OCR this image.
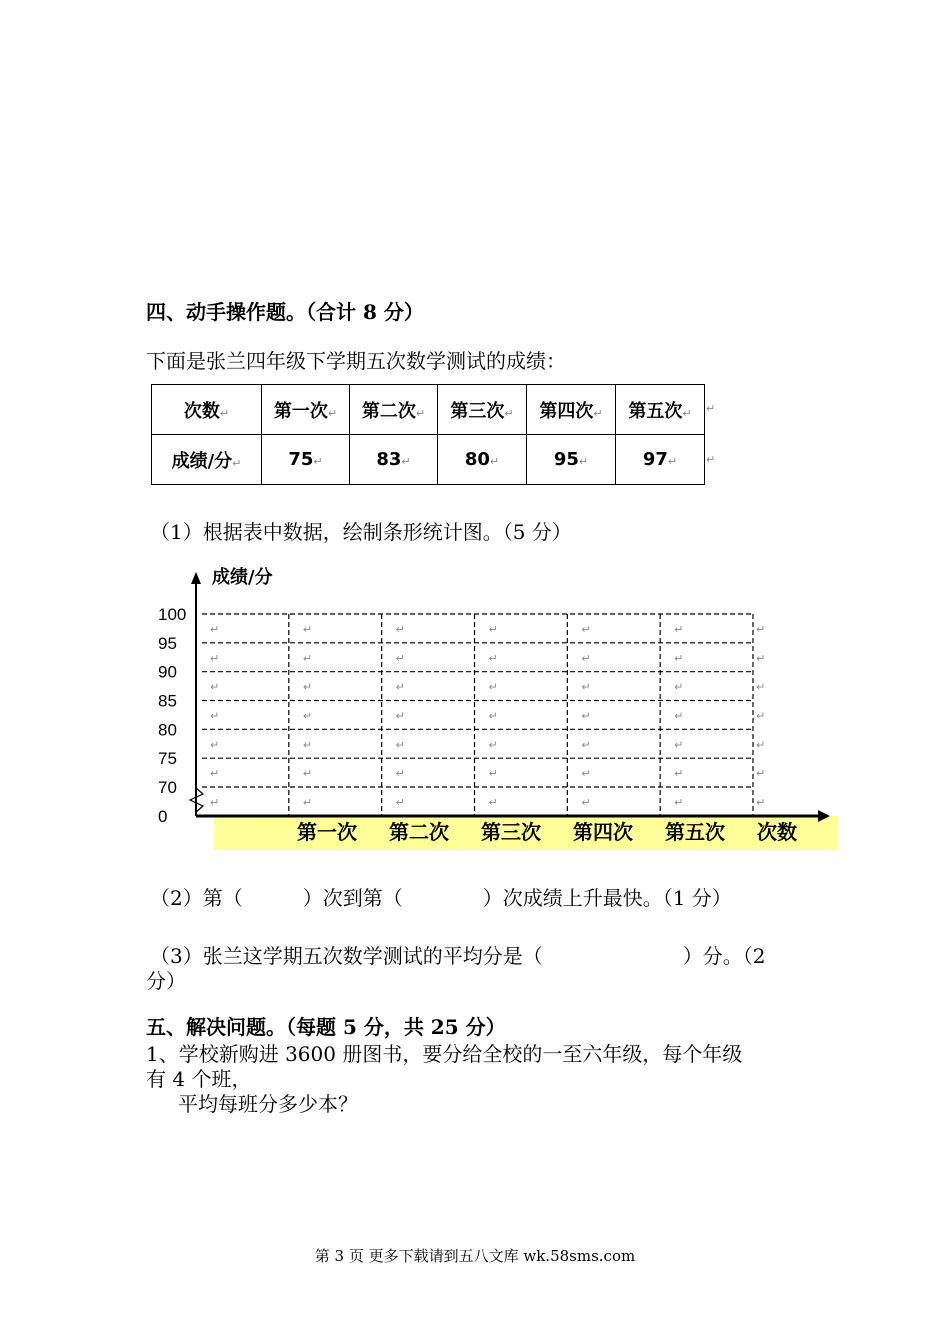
四、动手操作题。（合计 8 分）
下面是张兰四年级下学期五次数学测试的成绩：
次数↵	第一次↵	第二次↵	第三次↵	第四次↵	第五次↵
成绩/分↵	75↵	83↵	80↵	95↵	97↵
↵
↵
（1）根据表中数据，绘制条形统计图。（5 分）
成绩/分
100
95
90
85
80
75
70
0
第一次 第二次 第三次 第四次 第五次 次数
↵	↵	↵	↵	↵	↵	↵
↵	↵	↵	↵	↵	↵	↵
↵	↵	↵	↵	↵	↵	↵
↵	↵	↵	↵	↵	↵	↵
↵	↵	↵	↵	↵	↵	↵
↵	↵	↵	↵	↵	↵	↵
↵	↵	↵	↵	↵	↵	↵
（2）第（　　　）次到第（　　　　）次成绩上升最快。（1 分）
（3）张兰这学期五次数学测试的平均分是（　　　　　　　）分。（2
分）
五、解决问题。（每题 5 分，共 25 分）
1、学校新购进 3600 册图书，要分给全校的一至六年级，每个年级
有 4 个班，
平均每班分多少本？
第 3 页 更多下载请到五八文库 wk.58sms.com
